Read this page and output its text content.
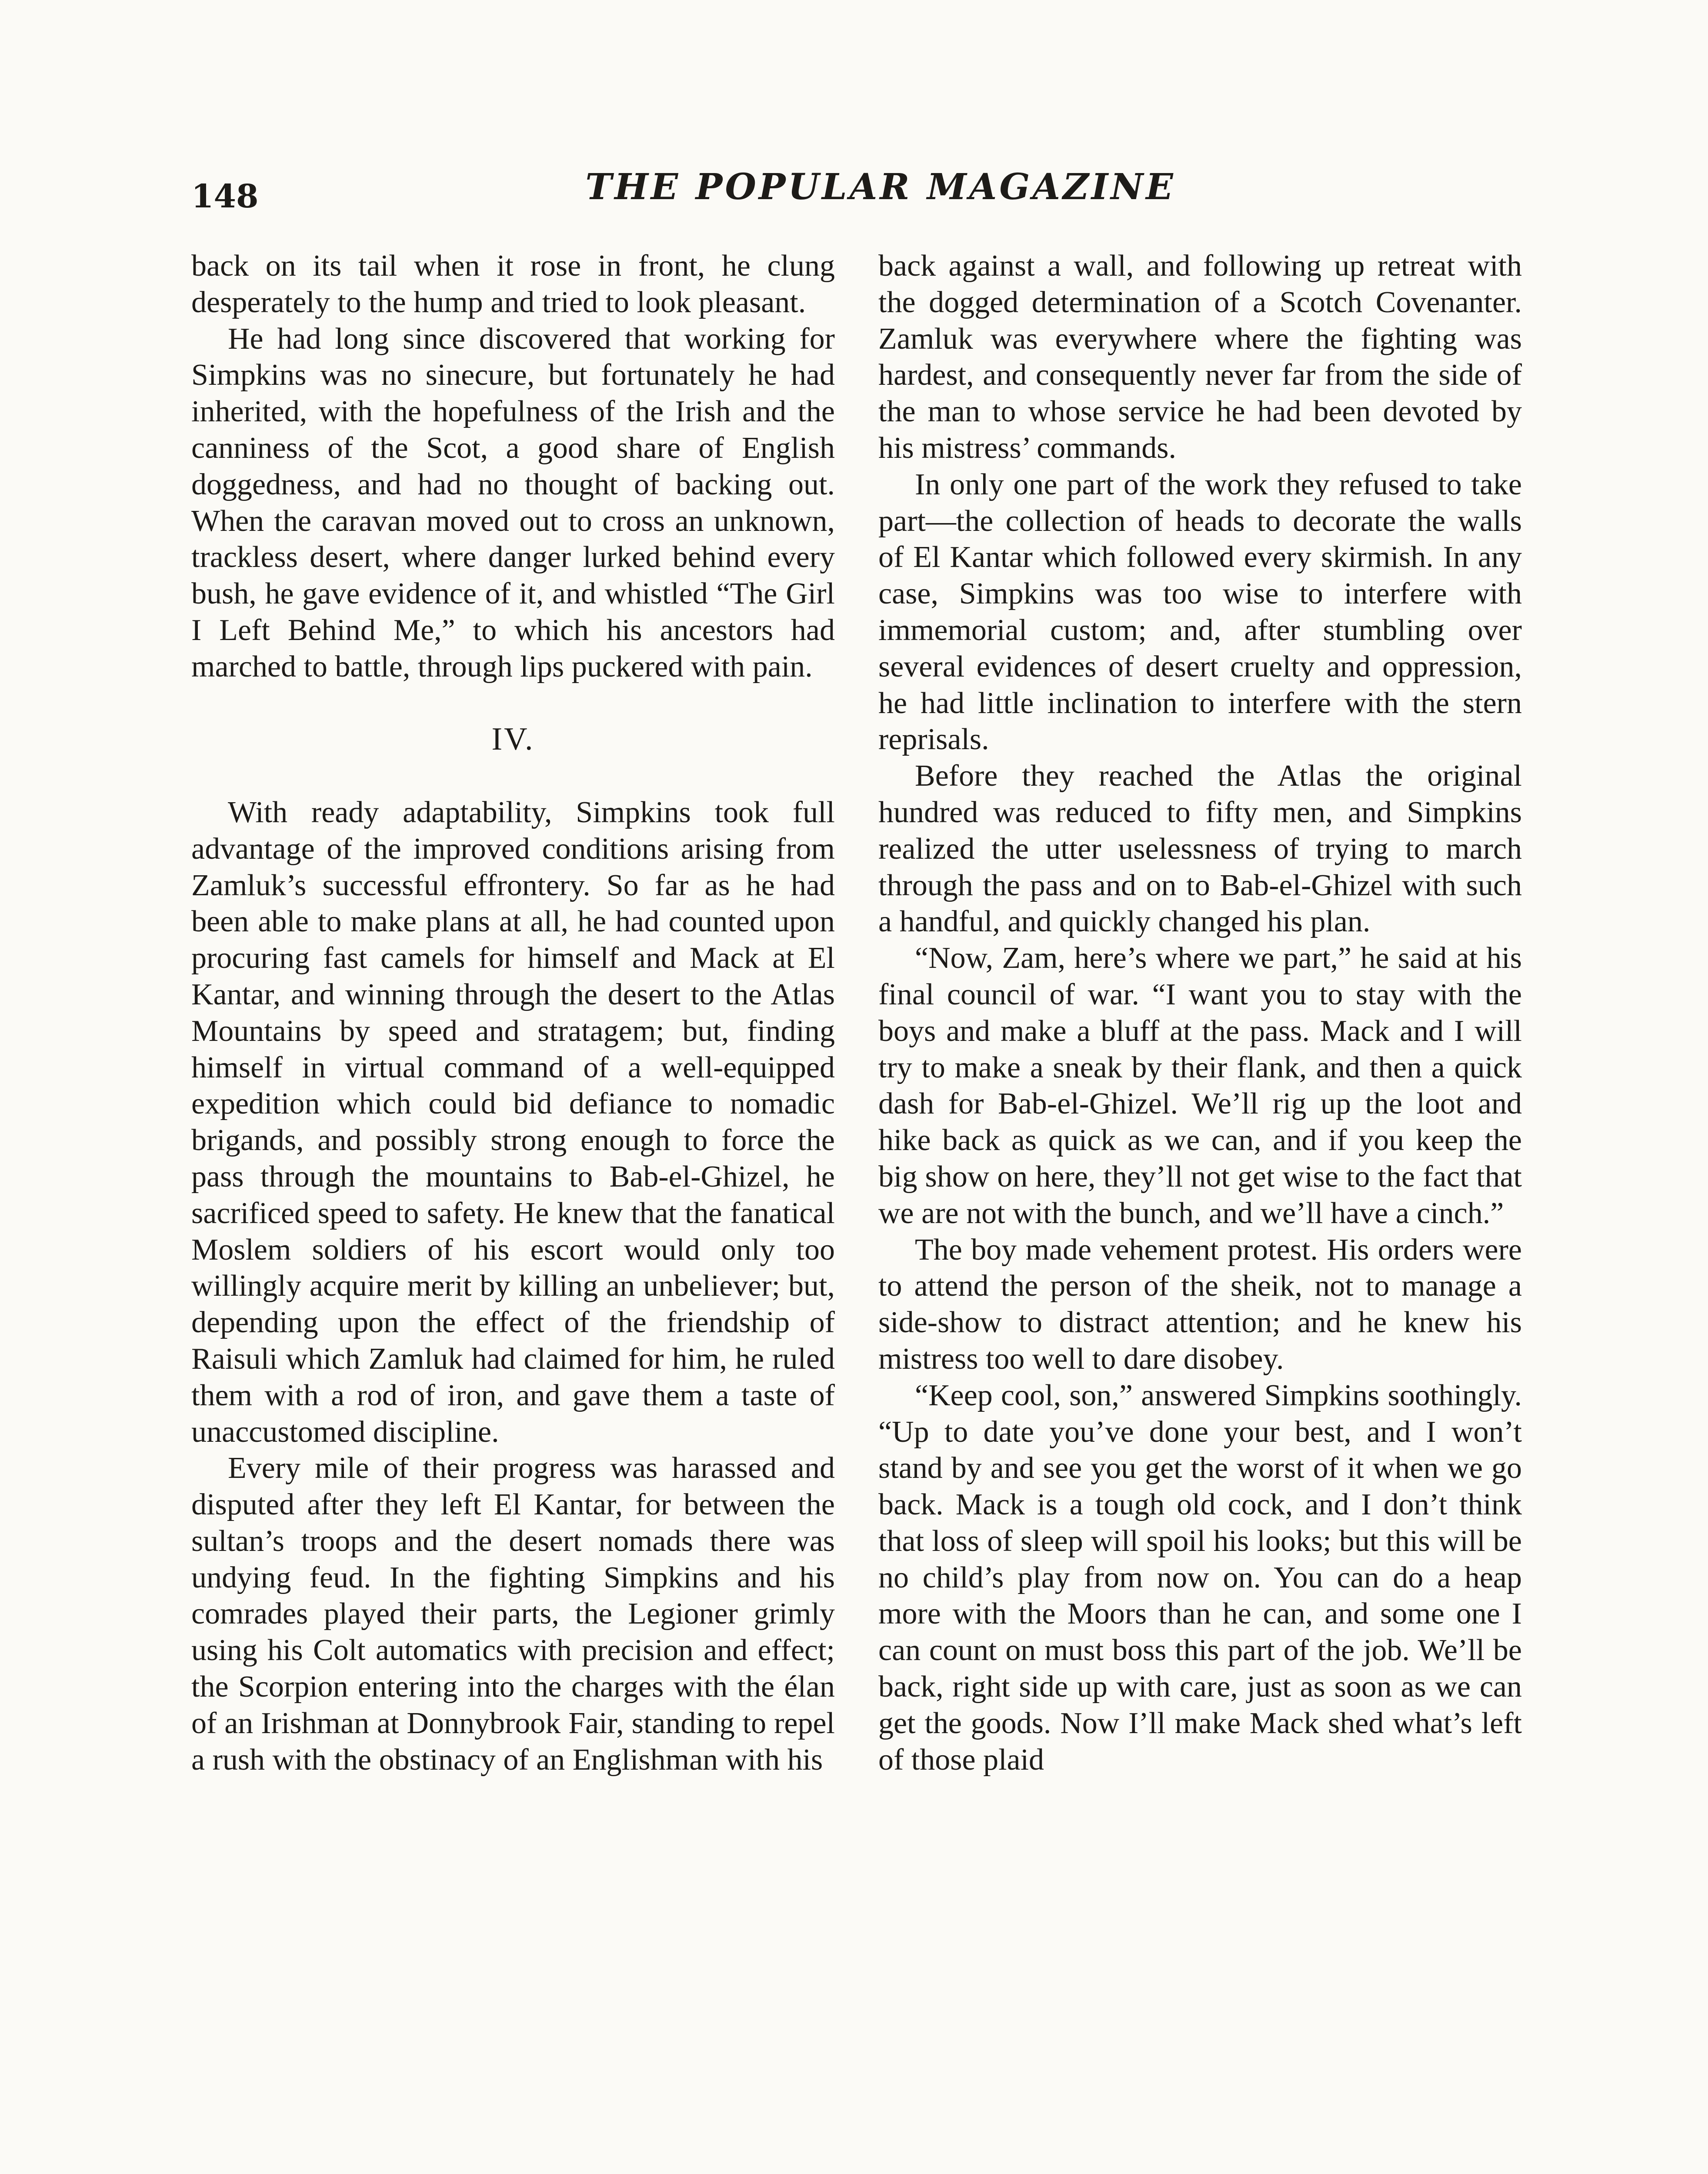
148	THE POPULAR MAGAZINE

back on its tail when it rose in front, he clung desperately to the hump and tried to look pleasant.

He had long since discovered that working for Simpkins was no sinecure, but fortunately he had inherited, with the hopefulness of the Irish and the canniness of the Scot, a good share of English doggedness, and had no thought of backing out. When the caravan moved out to cross an unknown, trackless desert, where danger lurked behind every bush, he gave evidence of it, and whistled “The Girl I Left Behind Me,” to which his ancestors had marched to battle, through lips puckered with pain.

IV.

With ready adaptability, Simpkins took full advantage of the improved conditions arising from Zamluk’s successful effrontery. So far as he had been able to make plans at all, he had counted upon procuring fast camels for himself and Mack at El Kantar, and winning through the desert to the Atlas Mountains by speed and stratagem; but, finding himself in virtual command of a well-equipped expedition which could bid defiance to nomadic brigands, and possibly strong enough to force the pass through the mountains to Bab-el-Ghizel, he sacrificed speed to safety. He knew that the fanatical Moslem soldiers of his escort would only too willingly acquire merit by killing an unbeliever; but, depending upon the effect of the friendship of Raisuli which Zamluk had claimed for him, he ruled them with a rod of iron, and gave them a taste of unaccustomed discipline.

Every mile of their progress was harassed and disputed after they left El Kantar, for between the sultan’s troops and the desert nomads there was undying feud. In the fighting Simpkins and his comrades played their parts, the Legioner grimly using his Colt automatics with precision and effect; the Scorpion entering into the charges with the élan of an Irishman at Donnybrook Fair, standing to repel a rush with the obstinacy of an Englishman with his

back against a wall, and following up retreat with the dogged determination of a Scotch Covenanter. Zamluk was everywhere where the fighting was hardest, and consequently never far from the side of the man to whose service he had been devoted by his mistress’ commands.

In only one part of the work they refused to take part—the collection of heads to decorate the walls of El Kantar which followed every skirmish. In any case, Simpkins was too wise to interfere with immemorial custom; and, after stumbling over several evidences of desert cruelty and oppression, he had little inclination to interfere with the stern reprisals.

Before they reached the Atlas the original hundred was reduced to fifty men, and Simpkins realized the utter uselessness of trying to march through the pass and on to Bab-el-Ghizel with such a handful, and quickly changed his plan.

“Now, Zam, here’s where we part,” he said at his final council of war. “I want you to stay with the boys and make a bluff at the pass. Mack and I will try to make a sneak by their flank, and then a quick dash for Bab-el-Ghizel. We’ll rig up the loot and hike back as quick as we can, and if you keep the big show on here, they’ll not get wise to the fact that we are not with the bunch, and we’ll have a cinch.”

The boy made vehement protest. His orders were to attend the person of the sheik, not to manage a side-show to distract attention; and he knew his mistress too well to dare disobey.

“Keep cool, son,” answered Simpkins soothingly. “Up to date you’ve done your best, and I won’t stand by and see you get the worst of it when we go back. Mack is a tough old cock, and I don’t think that loss of sleep will spoil his looks; but this will be no child’s play from now on. You can do a heap more with the Moors than he can, and some one I can count on must boss this part of the job. We’ll be back, right side up with care, just as soon as we can get the goods. Now I’ll make Mack shed what’s left of those plaid
